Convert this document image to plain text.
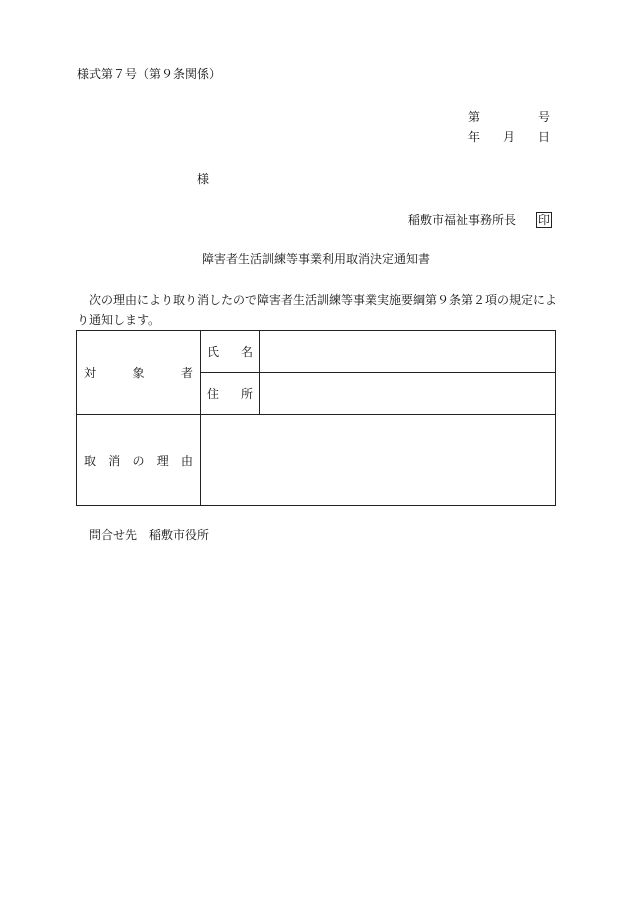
様式第７号（第９条関係）
第	号
年 月 日
様
稲敷市福祉事務所長 印
障害者生活訓練等事業利用取消決定通知書
次の理由により取り消したので障害者生活訓練等事業実施要綱第９条第２項の規定によ
り通知します。
対 象 者	氏 名	

	住 所	

取 消 の 理 由		

問合せ先 稲敷市役所
